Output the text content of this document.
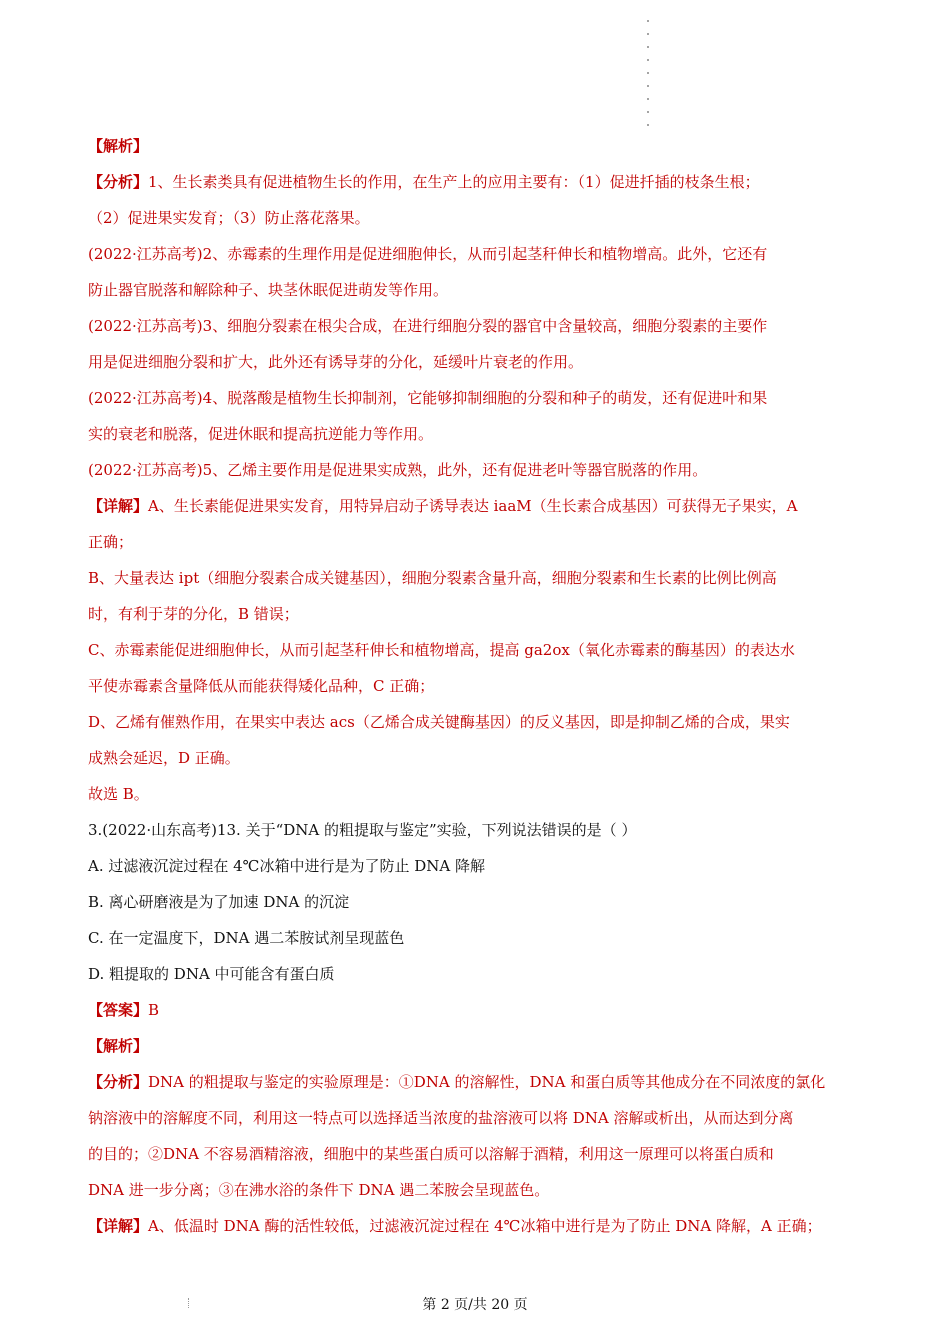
【解析】
【分析】1、生长素类具有促进植物生长的作用，在生产上的应用主要有：（1）促进扦插的枝条生根；
（2）促进果实发育；（3）防止落花落果。
(2022·江苏高考)2、赤霉素的生理作用是促进细胞伸长，从而引起茎秆伸长和植物增高。此外，它还有
防止器官脱落和解除种子、块茎休眠促进萌发等作用。
(2022·江苏高考)3、细胞分裂素在根尖合成，在进行细胞分裂的器官中含量较高，细胞分裂素的主要作
用是促进细胞分裂和扩大，此外还有诱导芽的分化，延缓叶片衰老的作用。
(2022·江苏高考)4、脱落酸是植物生长抑制剂，它能够抑制细胞的分裂和种子的萌发，还有促进叶和果
实的衰老和脱落，促进休眠和提高抗逆能力等作用。
(2022·江苏高考)5、乙烯主要作用是促进果实成熟，此外，还有促进老叶等器官脱落的作用。
【详解】A、生长素能促进果实发育，用特异启动子诱导表达 iaaM（生长素合成基因）可获得无子果实，A
正确；
B、大量表达 ipt（细胞分裂素合成关键基因），细胞分裂素含量升高，细胞分裂素和生长素的比例比例高
时，有利于芽的分化，B 错误；
C、赤霉素能促进细胞伸长，从而引起茎秆伸长和植物增高，提高 ga2ox（氧化赤霉素的酶基因）的表达水
平使赤霉素含量降低从而能获得矮化品种，C 正确；
D、乙烯有催熟作用，在果实中表达 acs（乙烯合成关键酶基因）的反义基因，即是抑制乙烯的合成，果实
成熟会延迟，D 正确。
故选 B。
3.(2022·山东高考)13. 关于“DNA 的粗提取与鉴定”实验，下列说法错误的是（ ）
A. 过滤液沉淀过程在 4℃冰箱中进行是为了防止 DNA 降解
B. 离心研磨液是为了加速 DNA 的沉淀
C. 在一定温度下，DNA 遇二苯胺试剂呈现蓝色
D. 粗提取的 DNA 中可能含有蛋白质
【答案】B
【解析】
【分析】DNA 的粗提取与鉴定的实验原理是：①DNA 的溶解性，DNA 和蛋白质等其他成分在不同浓度的氯化
钠溶液中的溶解度不同，利用这一特点可以选择适当浓度的盐溶液可以将 DNA 溶解或析出，从而达到分离
的目的；②DNA 不容易酒精溶液，细胞中的某些蛋白质可以溶解于酒精，利用这一原理可以将蛋白质和
DNA 进一步分离；③在沸水浴的条件下 DNA 遇二苯胺会呈现蓝色。
【详解】A、低温时 DNA 酶的活性较低，过滤液沉淀过程在 4℃冰箱中进行是为了防止 DNA 降解，A 正确；
第 2 页/共 20 页
